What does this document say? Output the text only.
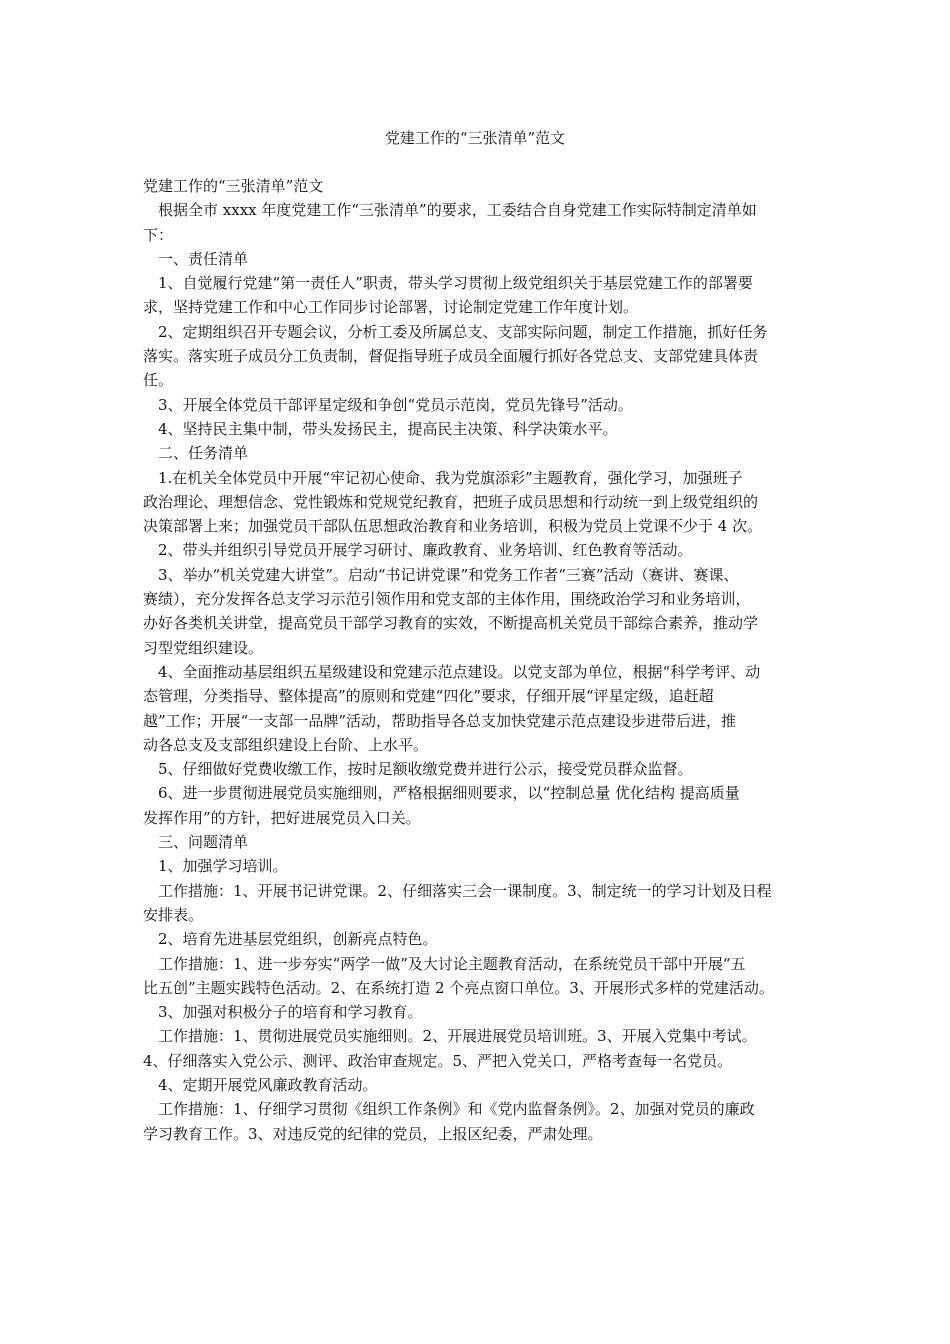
党建工作的“三张清单”范文

党建工作的“三张清单”范文

　根据全市 xxxx 年度党建工作“三张清单”的要求，工委结合自身党建工作实际特制定清单如

下：

　一、责任清单

　1、自觉履行党建“第一责任人”职责，带头学习贯彻上级党组织关于基层党建工作的部署要

求，坚持党建工作和中心工作同步讨论部署，讨论制定党建工作年度计划。

　2、定期组织召开专题会议，分析工委及所属总支、支部实际问题，制定工作措施，抓好任务

落实。落实班子成员分工负责制，督促指导班子成员全面履行抓好各党总支、支部党建具体责

任。

　3、开展全体党员干部评星定级和争创“党员示范岗，党员先锋号”活动。

　4、坚持民主集中制，带头发扬民主，提高民主决策、科学决策水平。

　二、任务清单

　1.在机关全体党员中开展“牢记初心使命、我为党旗添彩”主题教育，强化学习，加强班子

政治理论、理想信念、党性锻炼和党规党纪教育，把班子成员思想和行动统一到上级党组织的

决策部署上来；加强党员干部队伍思想政治教育和业务培训，积极为党员上党课不少于 4 次。

　2、带头并组织引导党员开展学习研讨、廉政教育、业务培训、红色教育等活动。

　3、举办“机关党建大讲堂”。启动“书记讲党课”和党务工作者“三赛”活动（赛讲、赛课、

赛绩），充分发挥各总支学习示范引领作用和党支部的主体作用，围绕政治学习和业务培训，

办好各类机关讲堂，提高党员干部学习教育的实效，不断提高机关党员干部综合素养，推动学

习型党组织建设。

　4、全面推动基层组织五星级建设和党建示范点建设。以党支部为单位，根据“科学考评、动

态管理，分类指导、整体提高”的原则和党建“四化”要求，仔细开展“评星定级，追赶超

越”工作；开展“一支部一品牌”活动，帮助指导各总支加快党建示范点建设步进带后进，推

动各总支及支部组织建设上台阶、上水平。

　5、仔细做好党费收缴工作，按时足额收缴党费并进行公示，接受党员群众监督。

　6、进一步贯彻进展党员实施细则，严格根据细则要求，以“控制总量 优化结构 提高质量

发挥作用”的方针，把好进展党员入口关。

　三、问题清单

　1、加强学习培训。

　工作措施：1、开展书记讲党课。2、仔细落实三会一课制度。3、制定统一的学习计划及日程

安排表。

　2、培育先进基层党组织，创新亮点特色。

　工作措施：1、进一步夯实“两学一做”及大讨论主题教育活动，在系统党员干部中开展“五

比五创”主题实践特色活动。2、在系统打造 2 个亮点窗口单位。3、开展形式多样的党建活动。

　3、加强对积极分子的培育和学习教育。

　工作措施：1、贯彻进展党员实施细则。2、开展进展党员培训班。3、开展入党集中考试。

4、仔细落实入党公示、测评、政治审查规定。5、严把入党关口，严格考查每一名党员。

　4、定期开展党风廉政教育活动。

　工作措施：1、仔细学习贯彻《组织工作条例》和《党内监督条例》。2、加强对党员的廉政

学习教育工作。3、对违反党的纪律的党员，上报区纪委，严肃处理。
